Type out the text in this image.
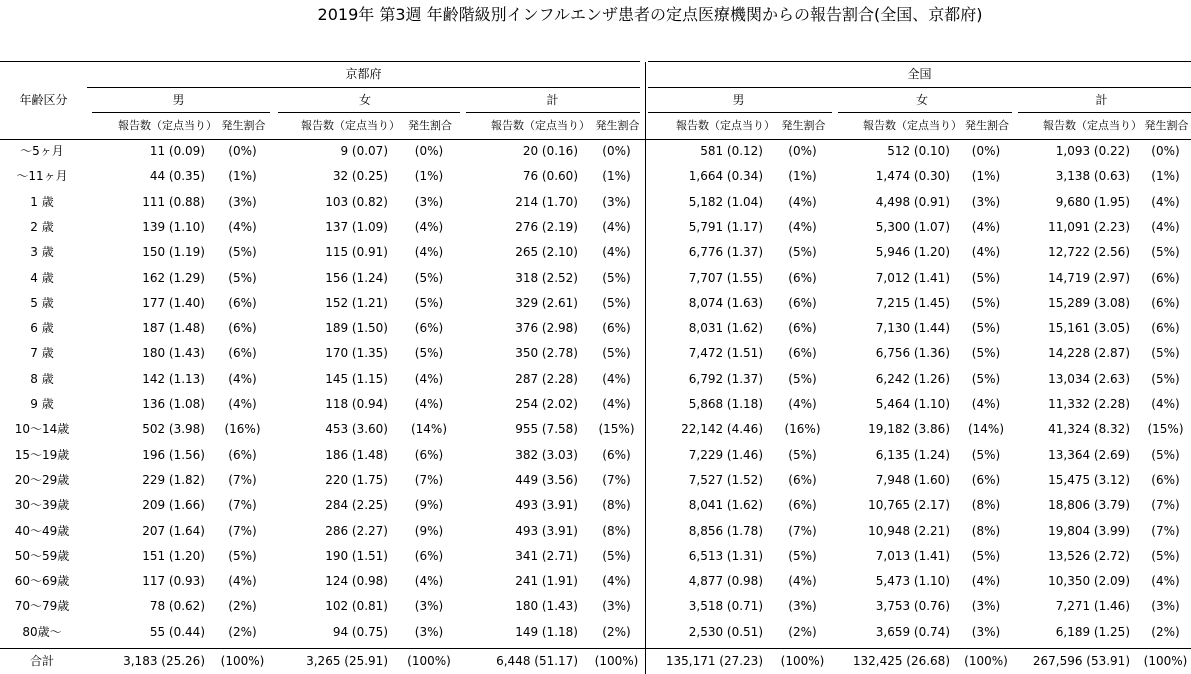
2019年 第3週 年齢階級別インフルエンザ患者の定点医療機関からの報告割合(全国、京都府)
年齢区分
京都府	全国
男
報告数（定点当り） 発生割合
女
報告数（定点当り） 発生割合
計
報告数（定点当り） 発生割合
男
報告数（定点当り） 発生割合
女
報告数（定点当り） 発生割合
計
報告数（定点当り） 発生割合
〜5ヶ月	11 (0.09)	(0%)	9 (0.07)	(0%)	20 (0.16)	(0%)	581 (0.12)	(0%)	512 (0.10)	(0%)	1,093 (0.22)	(0%)
〜11ヶ月	44 (0.35)	(1%)	32 (0.25)	(1%)	76 (0.60)	(1%)	1,664 (0.34)	(1%)	1,474 (0.30)	(1%)	3,138 (0.63)	(1%)
1 歳	111 (0.88)	(3%)	103 (0.82)	(3%)	214 (1.70)	(3%)	5,182 (1.04)	(4%)	4,498 (0.91)	(3%)	9,680 (1.95)	(4%)
2 歳	139 (1.10)	(4%)	137 (1.09)	(4%)	276 (2.19)	(4%)	5,791 (1.17)	(4%)	5,300 (1.07)	(4%)	11,091 (2.23)	(4%)
3 歳	150 (1.19)	(5%)	115 (0.91)	(4%)	265 (2.10)	(4%)	6,776 (1.37)	(5%)	5,946 (1.20)	(4%)	12,722 (2.56)	(5%)
4 歳	162 (1.29)	(5%)	156 (1.24)	(5%)	318 (2.52)	(5%)	7,707 (1.55)	(6%)	7,012 (1.41)	(5%)	14,719 (2.97)	(6%)
5 歳	177 (1.40)	(6%)	152 (1.21)	(5%)	329 (2.61)	(5%)	8,074 (1.63)	(6%)	7,215 (1.45)	(5%)	15,289 (3.08)	(6%)
6 歳	187 (1.48)	(6%)	189 (1.50)	(6%)	376 (2.98)	(6%)	8,031 (1.62)	(6%)	7,130 (1.44)	(5%)	15,161 (3.05)	(6%)
7 歳	180 (1.43)	(6%)	170 (1.35)	(5%)	350 (2.78)	(5%)	7,472 (1.51)	(6%)	6,756 (1.36)	(5%)	14,228 (2.87)	(5%)
8 歳	142 (1.13)	(4%)	145 (1.15)	(4%)	287 (2.28)	(4%)	6,792 (1.37)	(5%)	6,242 (1.26)	(5%)	13,034 (2.63)	(5%)
9 歳	136 (1.08)	(4%)	118 (0.94)	(4%)	254 (2.02)	(4%)	5,868 (1.18)	(4%)	5,464 (1.10)	(4%)	11,332 (2.28)	(4%)
10〜14歳	502 (3.98)	(16%)	453 (3.60)	(14%)	955 (7.58)	(15%)	22,142 (4.46)	(16%)	19,182 (3.86)	(14%)	41,324 (8.32)	(15%)
15〜19歳	196 (1.56)	(6%)	186 (1.48)	(6%)	382 (3.03)	(6%)	7,229 (1.46)	(5%)	6,135 (1.24)	(5%)	13,364 (2.69)	(5%)
20〜29歳	229 (1.82)	(7%)	220 (1.75)	(7%)	449 (3.56)	(7%)	7,527 (1.52)	(6%)	7,948 (1.60)	(6%)	15,475 (3.12)	(6%)
30〜39歳	209 (1.66)	(7%)	284 (2.25)	(9%)	493 (3.91)	(8%)	8,041 (1.62)	(6%)	10,765 (2.17)	(8%)	18,806 (3.79)	(7%)
40〜49歳	207 (1.64)	(7%)	286 (2.27)	(9%)	493 (3.91)	(8%)	8,856 (1.78)	(7%)	10,948 (2.21)	(8%)	19,804 (3.99)	(7%)
50〜59歳	151 (1.20)	(5%)	190 (1.51)	(6%)	341 (2.71)	(5%)	6,513 (1.31)	(5%)	7,013 (1.41)	(5%)	13,526 (2.72)	(5%)
60〜69歳	117 (0.93)	(4%)	124 (0.98)	(4%)	241 (1.91)	(4%)	4,877 (0.98)	(4%)	5,473 (1.10)	(4%)	10,350 (2.09)	(4%)
70〜79歳	78 (0.62)	(2%)	102 (0.81)	(3%)	180 (1.43)	(3%)	3,518 (0.71)	(3%)	3,753 (0.76)	(3%)	7,271 (1.46)	(3%)
80歳〜	55 (0.44)	(2%)	94 (0.75)	(3%)	149 (1.18)	(2%)	2,530 (0.51)	(2%)	3,659 (0.74)	(3%)	6,189 (1.25)	(2%)
合計	3,183 (25.26)	(100%)	3,265 (25.91)	(100%)	6,448 (51.17)	(100%)	135,171 (27.23)	(100%)	132,425 (26.68)	(100%)	267,596 (53.91)	(100%)
